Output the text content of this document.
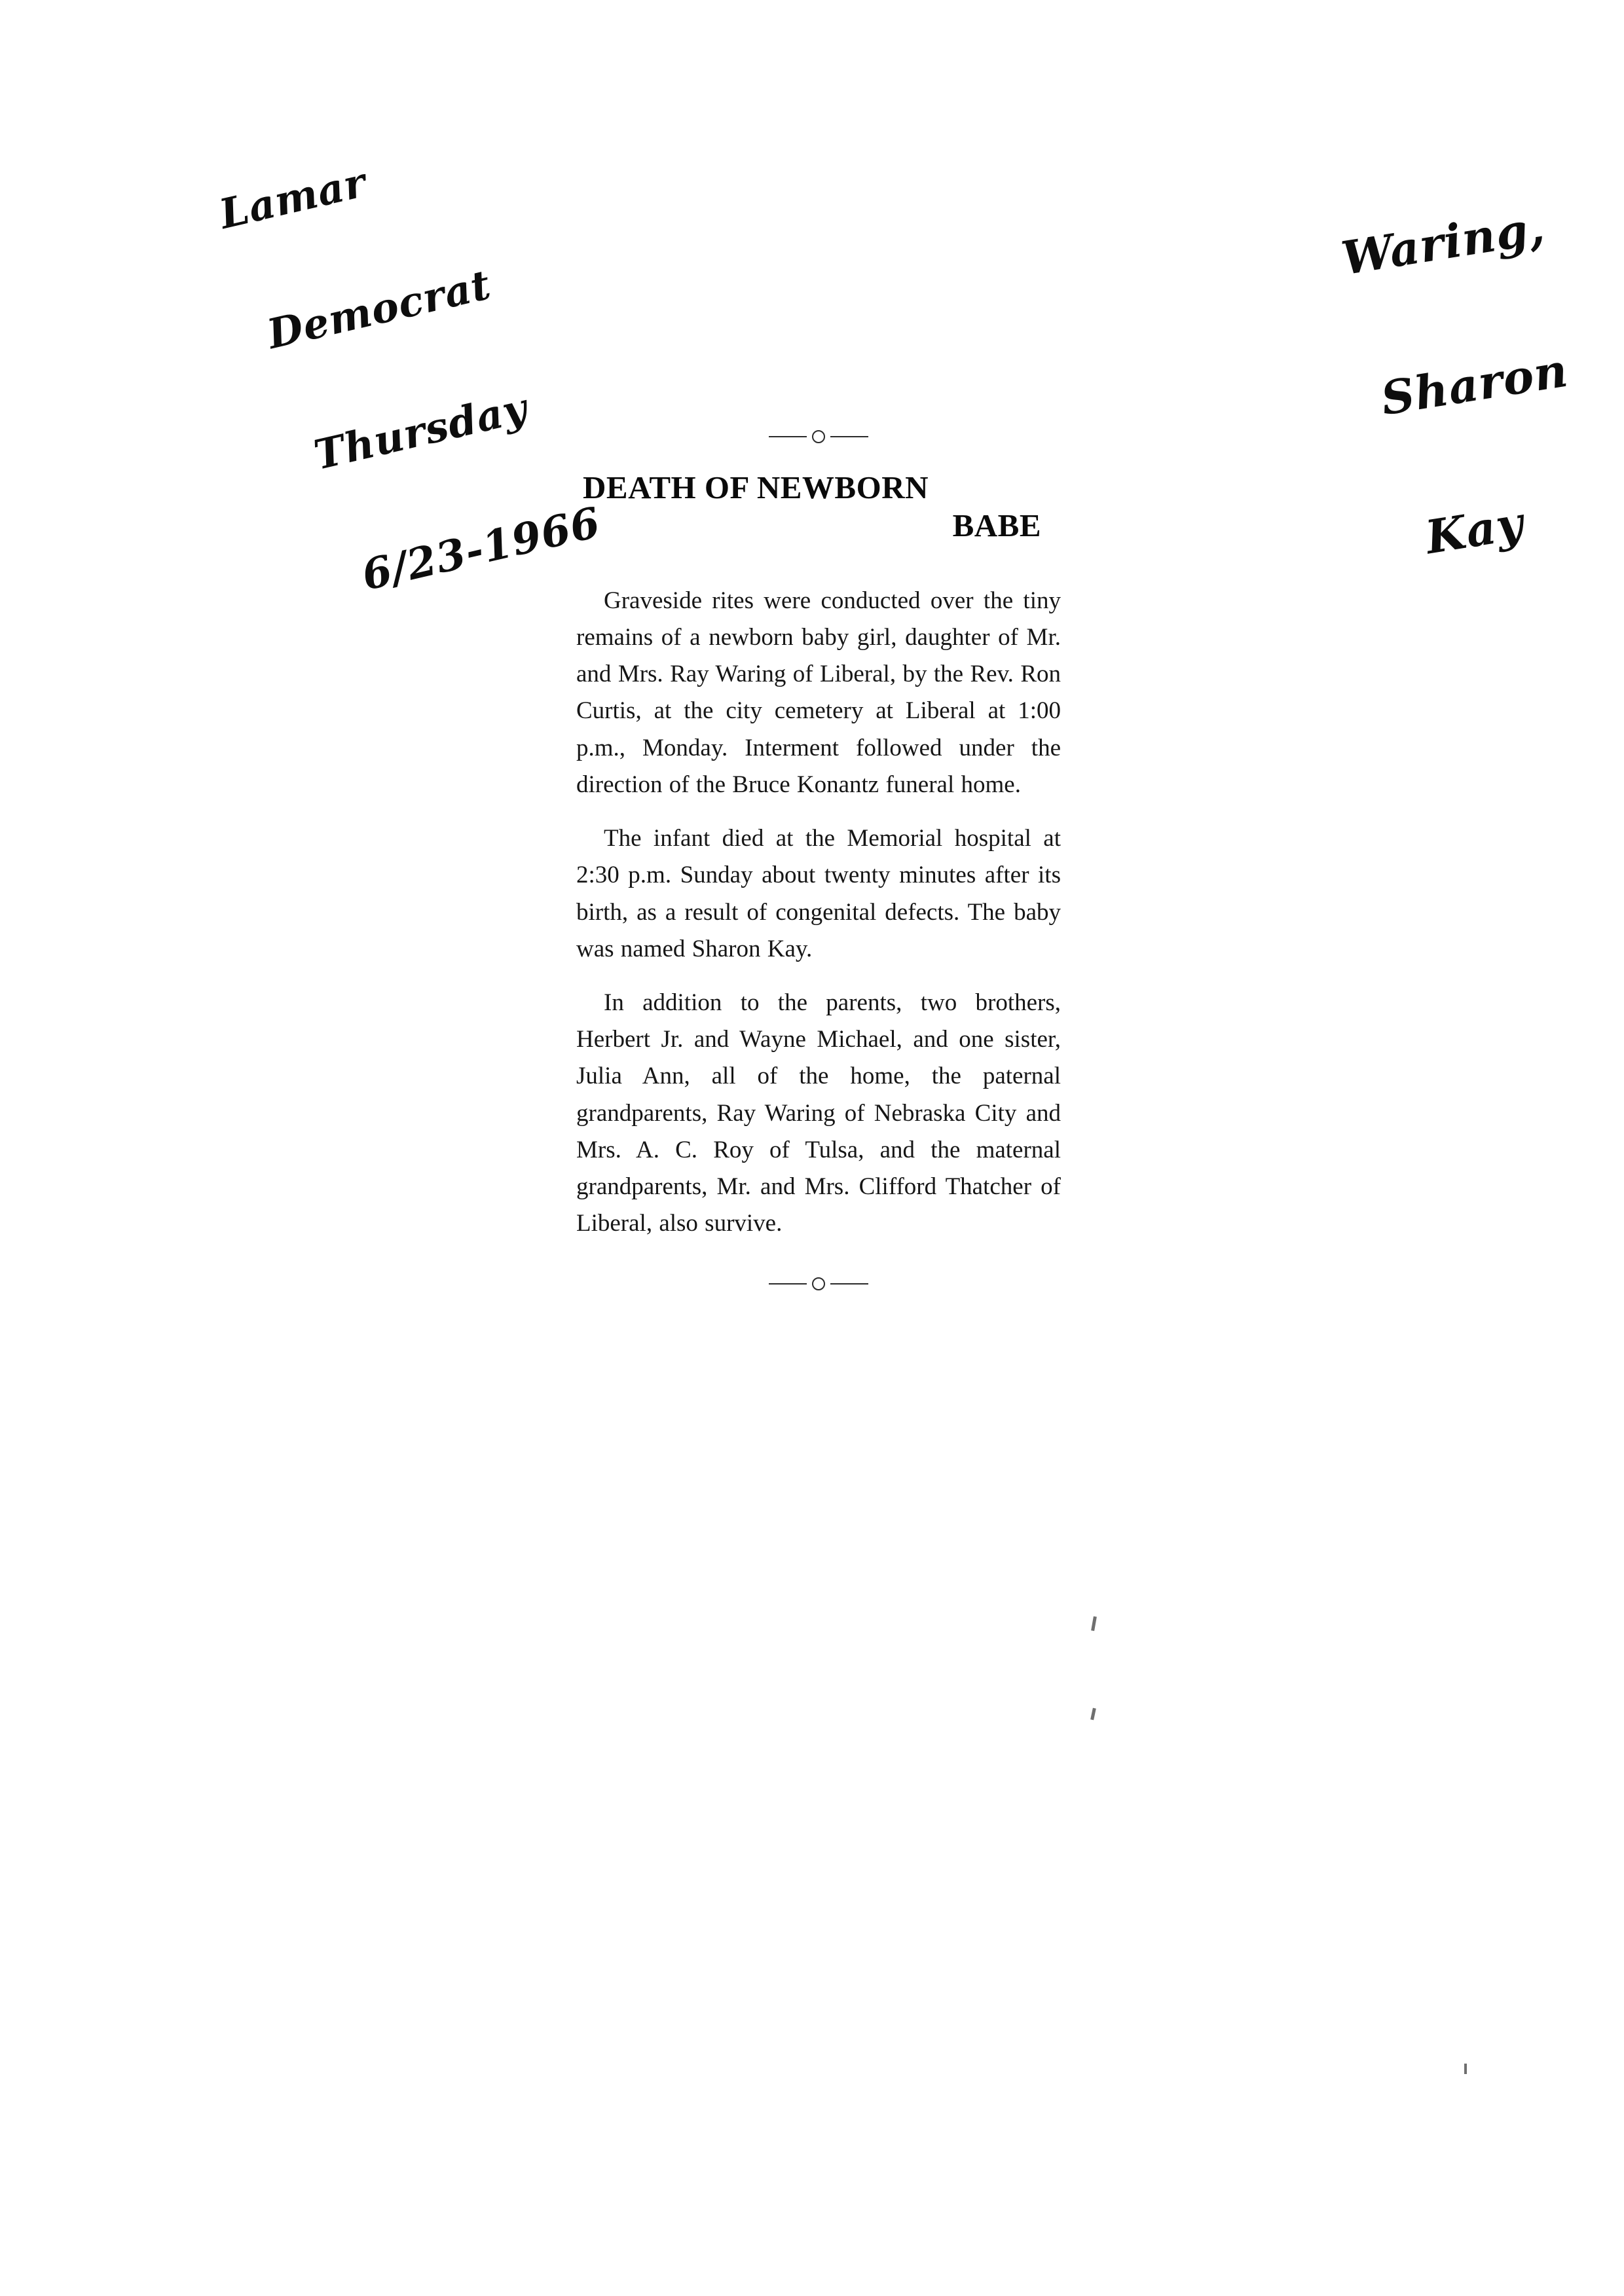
Lamar

Democrat

Thursday

6/23-1966

Waring,

Sharon

Kay

DEATH OF NEWBORN
BABE

Graveside rites were conducted over the tiny remains of a newborn baby girl, daughter of Mr. and Mrs. Ray Waring of Liberal, by the Rev. Ron Curtis, at the city cemetery at Liberal at 1:00 p.m., Monday. Interment followed under the direction of the Bruce Konantz funeral home.

The infant died at the Memorial hospital at 2:30 p.m. Sunday about twenty minutes after its birth, as a result of congenital defects. The baby was named Sharon Kay.

In addition to the parents, two brothers, Herbert Jr. and Wayne Michael, and one sister, Julia Ann, all of the home, the paternal grandparents, Ray Waring of Nebraska City and Mrs. A. C. Roy of Tulsa, and the maternal grandparents, Mr. and Mrs. Clifford Thatcher of Liberal, also survive.
